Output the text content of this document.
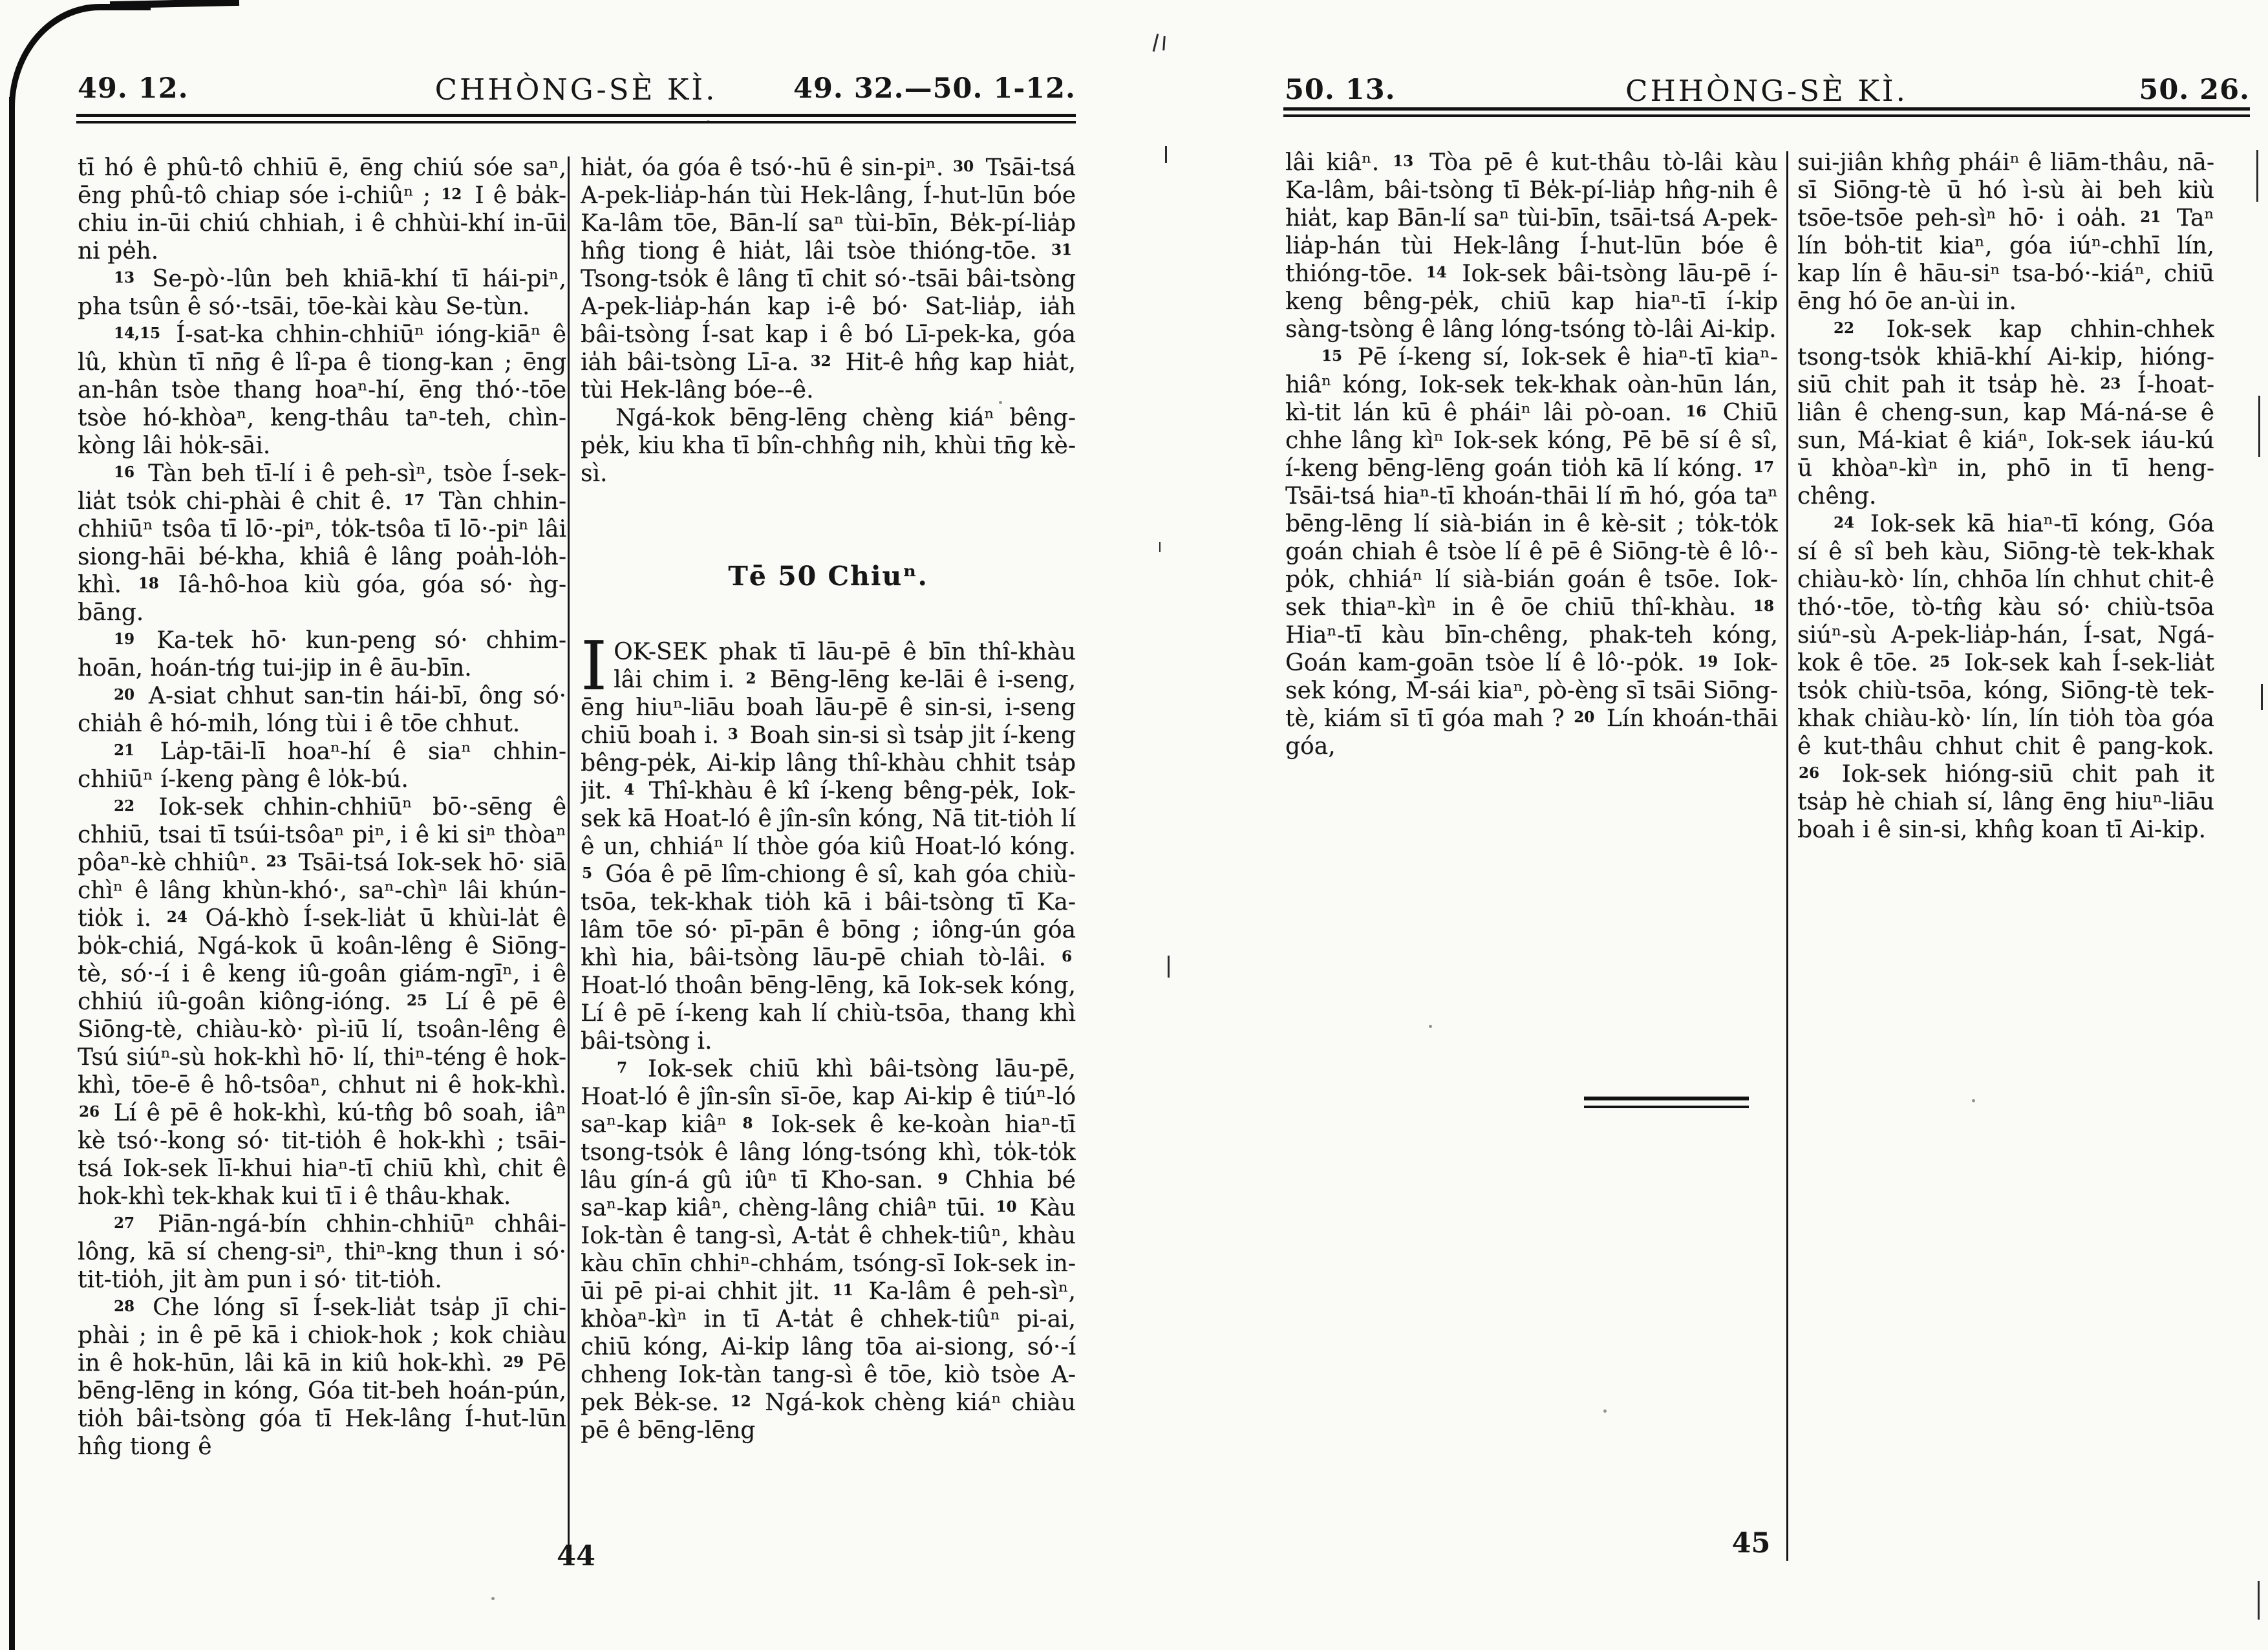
49. 12.	CHHÒNG-SÈ KÌ.	49. 32.—50. 1-12.

tī hó ê phû-tô chhiū ē, ēng chiú sóe saⁿ, ēng phû-tô chiap sóe i-chiûⁿ ; $^{12}$ I ê ba̍k-chiu in-ūi chiú chhiah, i ê chhùi-khí in-ūi ni pe̍h.

$^{13}$ Se-pò·-lûn beh khiā-khí tī hái-piⁿ, pha tsûn ê só·-tsāi, tōe-kài kàu Se-tùn.

$^{14,15}$ Í-sat-ka chhin-chhiūⁿ ióng-kiāⁿ ê lû, khùn tī nn̄g ê lî-pa ê tiong-kan ; ēng an-hân tsòe thang hoaⁿ-hí, ēng thó·-tōe tsòe hó-khòaⁿ, keng-thâu taⁿ-teh, chìn-kòng lâi ho̍k-sāi.

$^{16}$ Tàn beh tī-lí i ê peh-sìⁿ, tsòe Í-sek-lia̍t tso̍k chi-phài ê chit ê. $^{17}$ Tàn chhin-chhiūⁿ tsôa tī lō·-piⁿ, to̍k-tsôa tī lō·-piⁿ lâi siong-hāi bé-kha, khiâ ê lâng poa̍h-lo̍h-khì. $^{18}$ Iâ-hô-hoa kiù góa, góa só· ǹg-bāng.

$^{19}$ Ka-tek hō· kun-peng só· chhim-hoān, hoán-tńg tui-jip in ê āu-bīn.

$^{20}$ A-siat chhut san-tin hái-bī, ông só· chia̍h ê hó-mi̍h, lóng tùi i ê tōe chhut.

$^{21}$ La̍p-tāi-lī hoaⁿ-hí ê siaⁿ chhin-chhiūⁿ í-keng pàng ê lo̍k-bú.

$^{22}$ Iok-sek chhin-chhiūⁿ bō·-sēng ê chhiū, tsai tī tsúi-tsôaⁿ piⁿ, i ê ki siⁿ thòaⁿ pôaⁿ-kè chhiûⁿ. $^{23}$ Tsāi-tsá Iok-sek hō· siā chìⁿ ê lâng khùn-khó·, saⁿ-chìⁿ lâi khún-tio̍k i. $^{24}$ Oá-khò Í-sek-lia̍t ū khùi-la̍t ê bo̍k-chiá, Ngá-kok ū koân-lêng ê Siōng-tè, só·-í i ê keng iû-goân giám-ngīⁿ, i ê chhiú iû-goân kiông-ióng. $^{25}$ Lí ê pē ê Siōng-tè, chiàu-kò· pì-iū lí, tsoân-lêng ê Tsú siúⁿ-sù hok-khì hō· lí, thiⁿ-téng ê hok-khì, tōe-ē ê hô-tsôaⁿ, chhut ni ê hok-khì. $^{26}$ Lí ê pē ê hok-khì, kú-tn̂g bô soah, iâⁿ kè tsó·-kong só· tit-tio̍h ê hok-khì ; tsāi-tsá Iok-sek lī-khui hiaⁿ-tī chiū khì, chit ê hok-khì tek-khak kui tī i ê thâu-khak.

$^{27}$ Piān-ngá-bín chhin-chhiūⁿ chhâi-lông, kā sí cheng-siⁿ, thiⁿ-kng thun i só· tit-tio̍h, ji̍t àm pun i só· tit-tio̍h.

$^{28}$ Che lóng sī Í-sek-lia̍t tsa̍p jī chi-phài ; in ê pē kā i chiok-hok ; kok chiàu in ê hok-hūn, lâi kā in kiû hok-khì. $^{29}$ Pē bēng-lēng in kóng, Góa tit-beh hoán-pún, tio̍h bâi-tsòng góa tī Hek-lâng Í-hut-lūn hn̂g tiong ê

hia̍t, óa góa ê tsó·-hū ê sin-piⁿ. $^{30}$ Tsāi-tsá A-pek-lia̍p-hán tùi Hek-lâng, Í-hut-lūn bóe Ka-lâm tōe, Bān-lí saⁿ tùi-bīn, Be̍k-pí-lia̍p hn̂g tiong ê hia̍t, lâi tsòe thióng-tōe. $^{31}$ Tsong-tso̍k ê lâng tī chit só·-tsāi bâi-tsòng A-pek-lia̍p-hán kap i-ê bó· Sat-lia̍p, ia̍h bâi-tsòng Í-sat kap i ê bó Lī-pek-ka, góa ia̍h bâi-tsòng Lī-a. $^{32}$ Hit-ê hn̂g kap hia̍t, tùi Hek-lâng bóe--ê.

Ngá-kok bēng-lēng chèng kiáⁿ bêng-pe̍k, kiu kha tī bîn-chhn̂g ni̍h, khùi tn̄g kè-sì.

Tē 50 Chiuⁿ.

IOK-SEK phak tī lāu-pē ê bīn thî-khàu lâi chim i. $^2$ Bēng-lēng ke-lāi ê i-seng, ēng hiuⁿ-liāu boah lāu-pē ê sin-si, i-seng chiū boah i. $^3$ Boah sin-si sì tsa̍p ji̍t í-keng bêng-pe̍k, Ai-ki̍p lâng thî-khàu chhit tsa̍p ji̍t. $^4$ Thî-khàu ê kî í-keng bêng-pe̍k, Iok-sek kā Hoat-ló ê jîn-sîn kóng, Nā tit-tio̍h lí ê un, chhiáⁿ lí thòe góa kiû Hoat-ló kóng. $^5$ Góa ê pē lîm-chiong ê sî, kah góa chiù-tsōa, tek-khak tio̍h kā i bâi-tsòng tī Ka-lâm tōe só· pī-pān ê bōng ; iông-ún góa khì hia, bâi-tsòng lāu-pē chiah tò-lâi. $^6$ Hoat-ló thoân bēng-lēng, kā Iok-sek kóng, Lí ê pē í-keng kah lí chiù-tsōa, thang khì bâi-tsòng i.

$^7$ Iok-sek chiū khì bâi-tsòng lāu-pē, Hoat-ló ê jîn-sîn sī-ōe, kap Ai-ki̍p ê tiúⁿ-ló saⁿ-kap kiâⁿ $^8$ Iok-sek ê ke-koàn hiaⁿ-tī tsong-tso̍k ê lâng lóng-tsóng khì, to̍k-to̍k lâu gín-á gû iûⁿ tī Kho-san. $^9$ Chhia bé saⁿ-kap kiâⁿ, chèng-lâng chiâⁿ tūi. $^{10}$ Kàu Iok-tàn ê tang-sì, A-ta̍t ê chhek-tiûⁿ, khàu kàu chīn chhiⁿ-chhám, tsóng-sī Iok-sek in-ūi pē pi-ai chhit ji̍t. $^{11}$ Ka-lâm ê peh-sìⁿ, khòaⁿ-kìⁿ in tī A-ta̍t ê chhek-tiûⁿ pi-ai, chiū kóng, Ai-ki̍p lâng tōa ai-siong, só·-í chheng Iok-tàn tang-sì ê tōe, kiò tsòe A-pek Be̍k-se. $^{12}$ Ngá-kok chèng kiáⁿ chiàu pē ê bēng-lēng

44
50. 13.	CHHÒNG-SÈ KÌ.	50. 26.

lâi kiâⁿ. $^{13}$ Tòa pē ê kut-thâu tò-lâi kàu Ka-lâm, bâi-tsòng tī Be̍k-pí-lia̍p hn̂g-nih ê hia̍t, kap Bān-lí saⁿ tùi-bīn, tsāi-tsá A-pek-lia̍p-hán tùi Hek-lâng Í-hut-lūn bóe ê thióng-tōe. $^{14}$ Iok-sek bâi-tsòng lāu-pē í-keng bêng-pe̍k, chiū kap hiaⁿ-tī í-ki̍p sàng-tsòng ê lâng lóng-tsóng tò-lâi Ai-ki̍p.

$^{15}$ Pē í-keng sí, Iok-sek ê hiaⁿ-tī kiaⁿ-hiâⁿ kóng, Iok-sek tek-khak oàn-hūn lán, kì-tit lán kū ê pháiⁿ lâi pò-oan. $^{16}$ Chiū chhe lâng kìⁿ Iok-sek kóng, Pē bē sí ê sî, í-keng bēng-lēng goán tio̍h kā lí kóng. $^{17}$ Tsāi-tsá hiaⁿ-tī khoán-thāi lí m̄ hó, góa taⁿ bēng-lēng lí sià-bián in ê kè-sit ; to̍k-to̍k goán chiah ê tsòe lí ê pē ê Siōng-tè ê lô·-po̍k, chhiáⁿ lí sià-bián goán ê tsōe. Iok-sek thiaⁿ-kìⁿ in ê ōe chiū thî-khàu. $^{18}$ Hiaⁿ-tī kàu bīn-chêng, phak-teh kóng, Goán kam-goān tsòe lí ê lô·-po̍k. $^{19}$ Iok-sek kóng, M̄-sái kiaⁿ, pò-èng sī tsāi Siōng-tè, kiám sī tī góa mah ? $^{20}$ Lín khoán-thāi góa,

sui-jiân khn̂g pháiⁿ ê liām-thâu, nā-sī Siōng-tè ū hó ì-sù ài beh kiù tsōe-tsōe peh-sìⁿ hō· i oa̍h. $^{21}$ Taⁿ lín bo̍h-tit kiaⁿ, góa iúⁿ-chhī lín, kap lín ê hāu-siⁿ tsa-bó·-kiáⁿ, chiū ēng hó ōe an-ùi in.

$^{22}$ Iok-sek kap chhin-chhek tsong-tso̍k khiā-khí Ai-ki̍p, hióng-siū chit pah it tsa̍p hè. $^{23}$ Í-hoat-liân ê cheng-sun, kap Má-ná-se ê sun, Má-kiat ê kiáⁿ, Iok-sek iáu-kú ū khòaⁿ-kìⁿ in, phō in tī heng-chêng.

$^{24}$ Iok-sek kā hiaⁿ-tī kóng, Góa sí ê sî beh kàu, Siōng-tè tek-khak chiàu-kò· lín, chhōa lín chhut chit-ê thó·-tōe, tò-tn̂g kàu só· chiù-tsōa siúⁿ-sù A-pek-lia̍p-hán, Í-sat, Ngá-kok ê tōe. $^{25}$ Iok-sek kah Í-sek-lia̍t tso̍k chiù-tsōa, kóng, Siōng-tè tek-khak chiàu-kò· lín, lín tio̍h tòa góa ê kut-thâu chhut chit ê pang-kok. $^{26}$ Iok-sek hióng-siū chit pah it tsa̍p hè chiah sí, lâng ēng hiuⁿ-liāu boah i ê sin-si, khn̂g koan tī Ai-kip.

45
